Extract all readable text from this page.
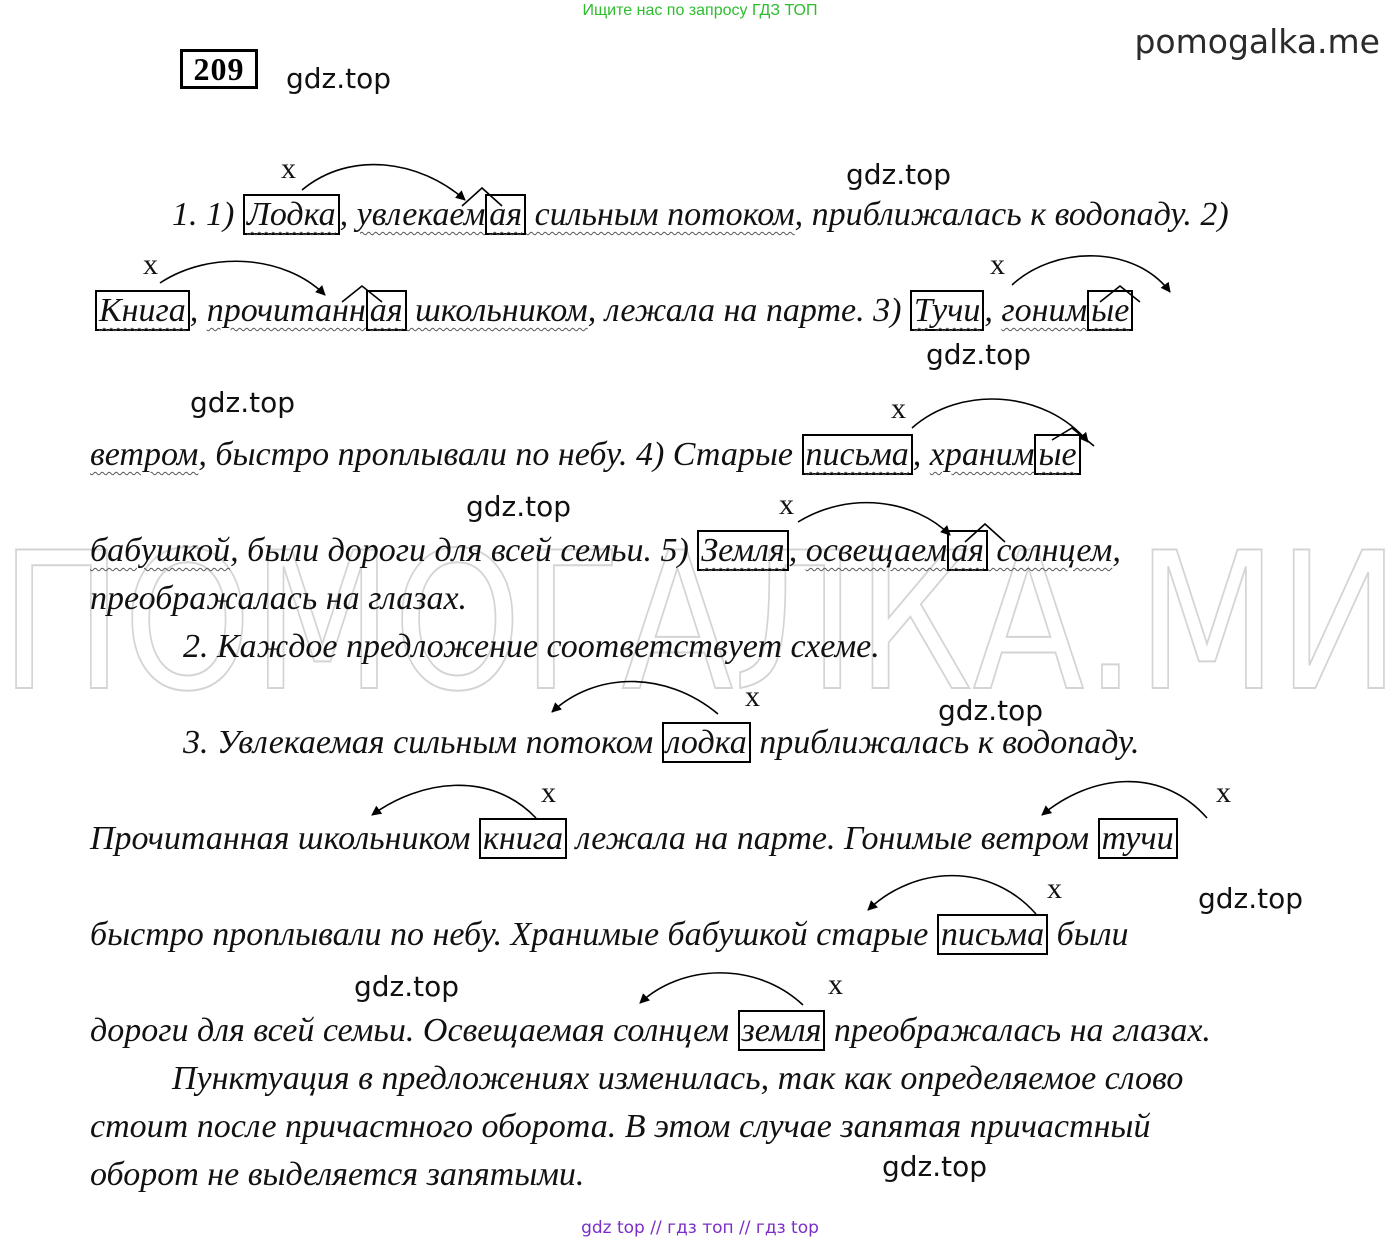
ПОМОГАЛКА.МИ
Ищите нас по запросу ГДЗ ТОП
pomogalka.me
209	gdz.top
gdz.top
gdz.top
gdz.top
gdz.top
gdz.top
gdz.top
gdz.top
gdz.top
x
x	x
x
x
x
x	x
x
x
1. 1) Лодка , увлекаем ая сильным потоком, приближалась к водопаду. 2)
Книга , прочитанн ая школьником, лежала на парте. 3) Тучи , гоним ые
ветром, быстро проплывали по небу. 4) Старые письма , храним ые
бабушкой, были дороги для всей семьи. 5) Земля , освещаем ая солнцем,
преображалась на глазах.
2. Каждое предложение соответствует схеме.
3. Увлекаемая сильным потоком лодка приближалась к водопаду.
Прочитанная школьником книга лежала на парте. Гонимые ветром тучи
быстро проплывали по небу. Хранимые бабушкой старые письма были
дороги для всей семьи. Освещаемая солнцем земля преображалась на глазах.
Пунктуация в предложениях изменилась, так как определяемое слово
стоит после причастного оборота. В этом случае запятая причастный
оборот не выделяется запятыми.
gdz top // гдз топ // гдз top
